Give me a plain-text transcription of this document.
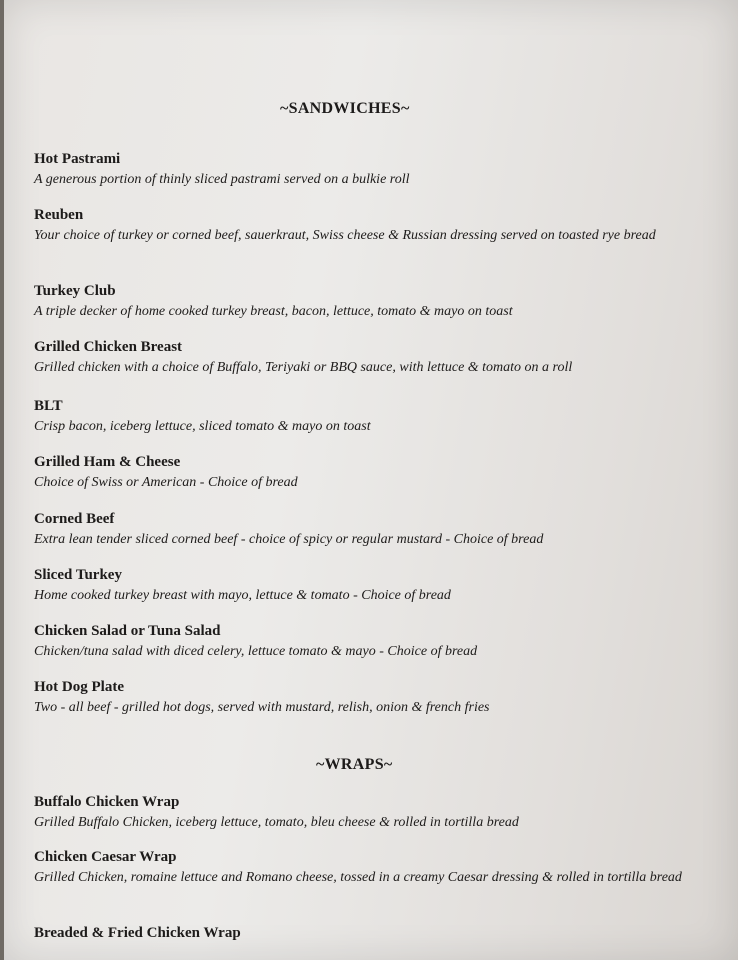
~SANDWICHES~
Hot Pastrami
A generous portion of thinly sliced pastrami served on a bulkie roll
Reuben
Your choice of turkey or corned beef, sauerkraut, Swiss cheese & Russian dressing served on toasted rye bread
Turkey Club
A triple decker of home cooked turkey breast, bacon, lettuce, tomato & mayo on toast
Grilled Chicken Breast
Grilled chicken with a choice of Buffalo, Teriyaki or BBQ sauce, with lettuce & tomato on a roll
BLT
Crisp bacon, iceberg lettuce, sliced tomato & mayo on toast
Grilled Ham & Cheese
Choice of Swiss or American - Choice of bread
Corned Beef
Extra lean tender sliced corned beef - choice of spicy or regular mustard - Choice of bread
Sliced Turkey
Home cooked turkey breast with mayo, lettuce & tomato - Choice of bread
Chicken Salad or Tuna Salad
Chicken/tuna salad with diced celery, lettuce tomato & mayo - Choice of bread
Hot Dog Plate
Two - all beef - grilled hot dogs, served with mustard, relish, onion & french fries
~WRAPS~
Buffalo Chicken Wrap
Grilled Buffalo Chicken, iceberg lettuce, tomato, bleu cheese & rolled in tortilla bread
Chicken Caesar Wrap
Grilled Chicken, romaine lettuce and Romano cheese, tossed in a creamy Caesar dressing & rolled in tortilla bread
Breaded & Fried Chicken Wrap
